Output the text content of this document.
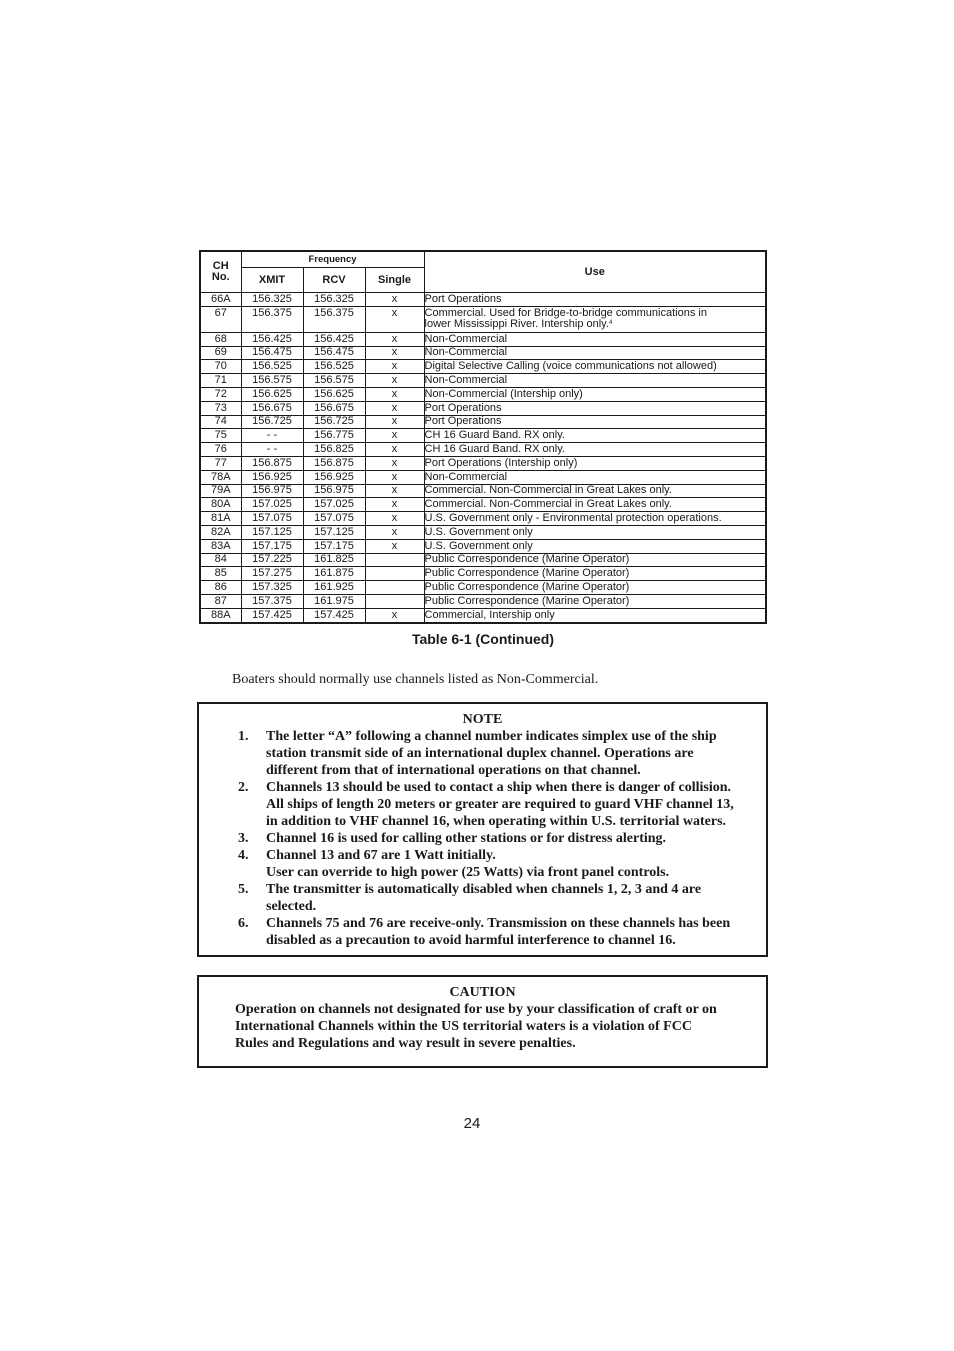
CH
No.	Frequency			Use
	XMIT	RCV	Single	
66A	156.325	156.325	x	Port Operations
67	156.375	156.375	x	Commercial. Used for Bridge-to-bridge communications in
lower Mississippi River. Intership only.$^4$
68	156.425	156.425	x	Non-Commercial
69	156.475	156.475	x	Non-Commercial
70	156.525	156.525	x	Digital Selective Calling (voice communications not allowed)
71	156.575	156.575	x	Non-Commercial
72	156.625	156.625	x	Non-Commercial (Intership only)
73	156.675	156.675	x	Port Operations
74	156.725	156.725	x	Port Operations
75	- -	156.775	x	CH 16 Guard Band. RX only.
76	- -	156.825	x	CH 16 Guard Band. RX only.
77	156.875	156.875	x	Port Operations (Intership only)
78A	156.925	156.925	x	Non-Commercial
79A	156.975	156.975	x	Commercial. Non-Commercial in Great Lakes only.
80A	157.025	157.025	x	Commercial. Non-Commercial in Great Lakes only.
81A	157.075	157.075	x	U.S. Government only - Environmental protection operations.
82A	157.125	157.125	x	U.S. Government only
83A	157.175	157.175	x	U.S. Government only
84	157.225	161.825		Public Correspondence (Marine Operator)
85	157.275	161.875		Public Correspondence (Marine Operator)
86	157.325	161.925		Public Correspondence (Marine Operator)
87	157.375	161.975		Public Correspondence (Marine Operator)
88A	157.425	157.425	x	Commercial, Intership only
Table 6-1 (Continued)
Boaters should normally use channels listed as Non-Commercial.
NOTE
1. The letter “A” following a channel number indicates simplex use of the ship
station transmit side of an international duplex channel. Operations are
different from that of international operations on that channel.
2. Channels 13 should be used to contact a ship when there is danger of collision.
All ships of length 20 meters or greater are required to guard VHF channel 13,
in addition to VHF channel 16, when operating within U.S. territorial waters.
3. Channel 16 is used for calling other stations or for distress alerting.
4. Channel 13 and 67 are 1 Watt initially.
User can override to high power (25 Watts) via front panel controls.
5. The transmitter is automatically disabled when channels 1, 2, 3 and 4 are
selected.
6. Channels 75 and 76 are receive-only. Transmission on these channels has been
disabled as a precaution to avoid harmful interference to channel 16.
CAUTION
Operation on channels not designated for use by your classification of craft or on
International Channels within the US territorial waters is a violation of FCC
Rules and Regulations and way result in severe penalties.
24
